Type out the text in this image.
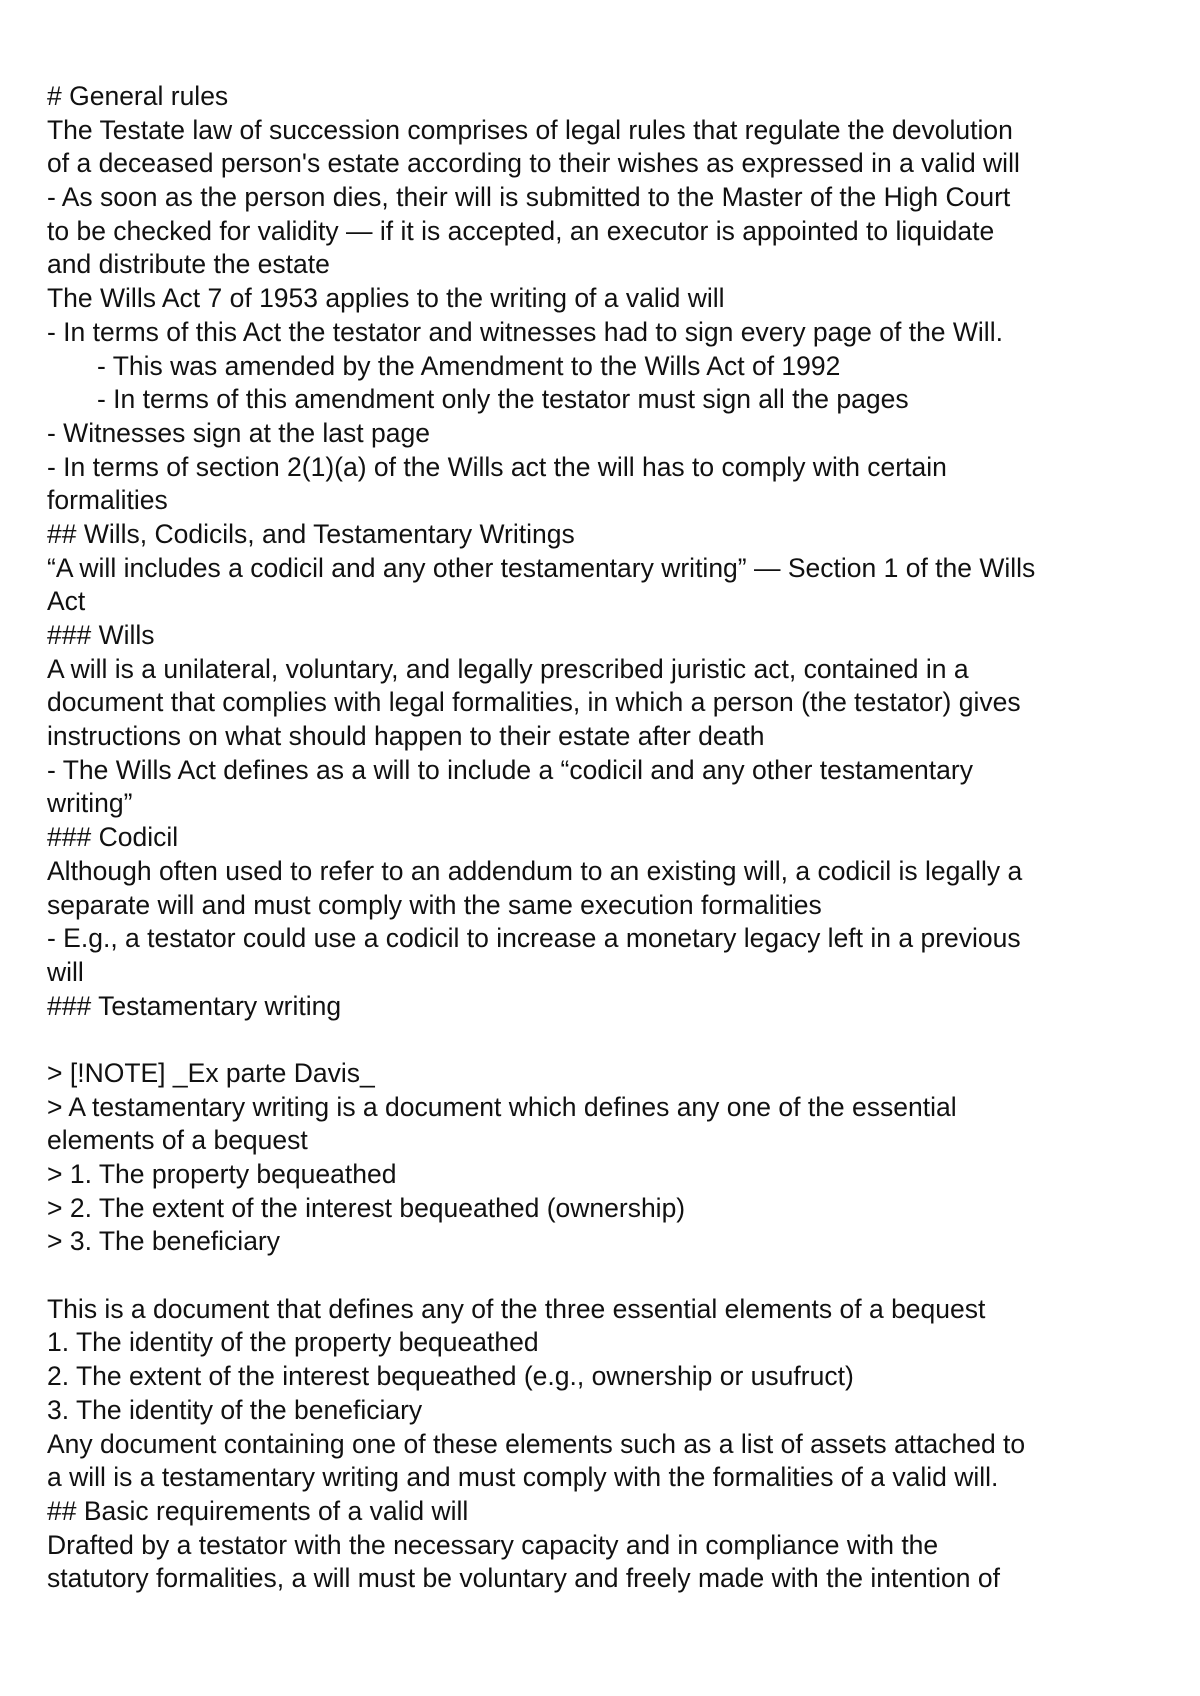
# General rules
The Testate law of succession comprises of legal rules that regulate the devolution
of a deceased person's estate according to their wishes as expressed in a valid will
- As soon as the person dies, their will is submitted to the Master of the High Court
to be checked for validity — if it is accepted, an executor is appointed to liquidate
and distribute the estate
The Wills Act 7 of 1953 applies to the writing of a valid will
- In terms of this Act the testator and witnesses had to sign every page of the Will.
- This was amended by the Amendment to the Wills Act of 1992
- In terms of this amendment only the testator must sign all the pages
- Witnesses sign at the last page
- In terms of section 2(1)(a) of the Wills act the will has to comply with certain
formalities
## Wills, Codicils, and Testamentary Writings
“A will includes a codicil and any other testamentary writing” — Section 1 of the Wills
Act
### Wills
A will is a unilateral, voluntary, and legally prescribed juristic act, contained in a
document that complies with legal formalities, in which a person (the testator) gives
instructions on what should happen to their estate after death
- The Wills Act defines as a will to include a “codicil and any other testamentary
writing”
### Codicil
Although often used to refer to an addendum to an existing will, a codicil is legally a
separate will and must comply with the same execution formalities
- E.g., a testator could use a codicil to increase a monetary legacy left in a previous
will
### Testamentary writing
> [!NOTE] _Ex parte Davis_
> A testamentary writing is a document which defines any one of the essential
elements of a bequest
> 1. The property bequeathed
> 2. The extent of the interest bequeathed (ownership)
> 3. The beneficiary
This is a document that defines any of the three essential elements of a bequest
1. The identity of the property bequeathed
2. The extent of the interest bequeathed (e.g., ownership or usufruct)
3. The identity of the beneficiary
Any document containing one of these elements such as a list of assets attached to
a will is a testamentary writing and must comply with the formalities of a valid will.
## Basic requirements of a valid will
Drafted by a testator with the necessary capacity and in compliance with the
statutory formalities, a will must be voluntary and freely made with the intention of
